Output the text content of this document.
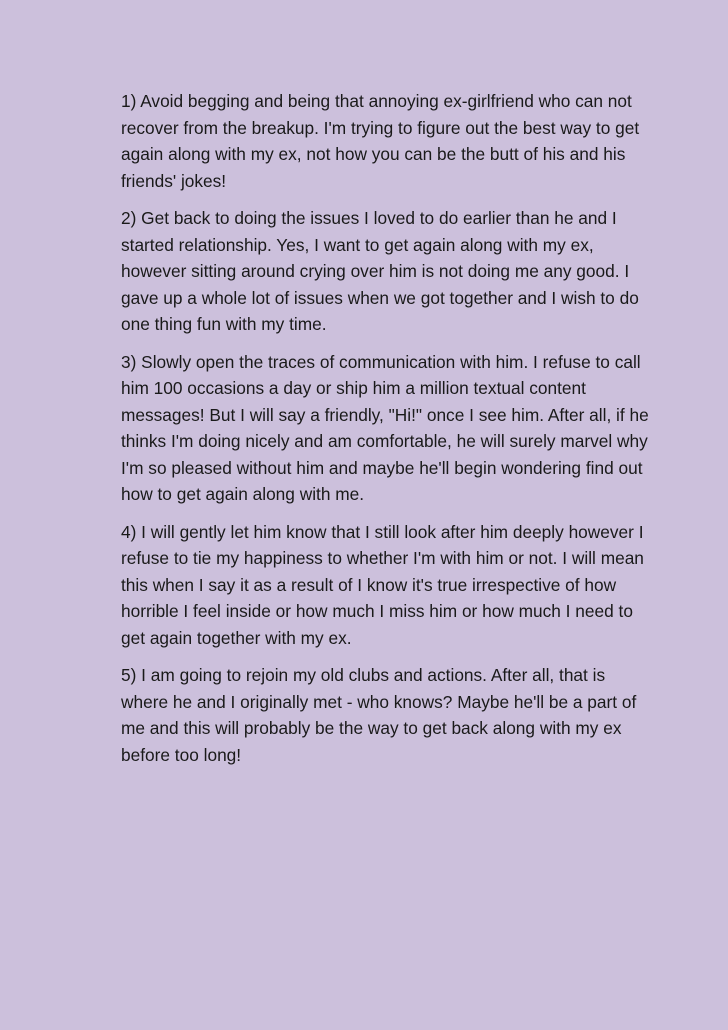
1) Avoid begging and being that annoying ex-girlfriend who can not recover from the breakup. I'm trying to figure out the best way to get again along with my ex, not how you can be the butt of his and his friends' jokes!

2) Get back to doing the issues I loved to do earlier than he and I started relationship. Yes, I want to get again along with my ex, however sitting around crying over him is not doing me any good. I gave up a whole lot of issues when we got together and I wish to do one thing fun with my time.

3) Slowly open the traces of communication with him. I refuse to call him 100 occasions a day or ship him a million textual content messages! But I will say a friendly, "Hi!" once I see him. After all, if he thinks I'm doing nicely and am comfortable, he will surely marvel why I'm so pleased without him and maybe he'll begin wondering find out how to get again along with me.

4) I will gently let him know that I still look after him deeply however I refuse to tie my happiness to whether I'm with him or not. I will mean this when I say it as a result of I know it's true irrespective of how horrible I feel inside or how much I miss him or how much I need to get again together with my ex.

5) I am going to rejoin my old clubs and actions. After all, that is where he and I originally met - who knows? Maybe he'll be a part of me and this will probably be the way to get back along with my ex before too long!
